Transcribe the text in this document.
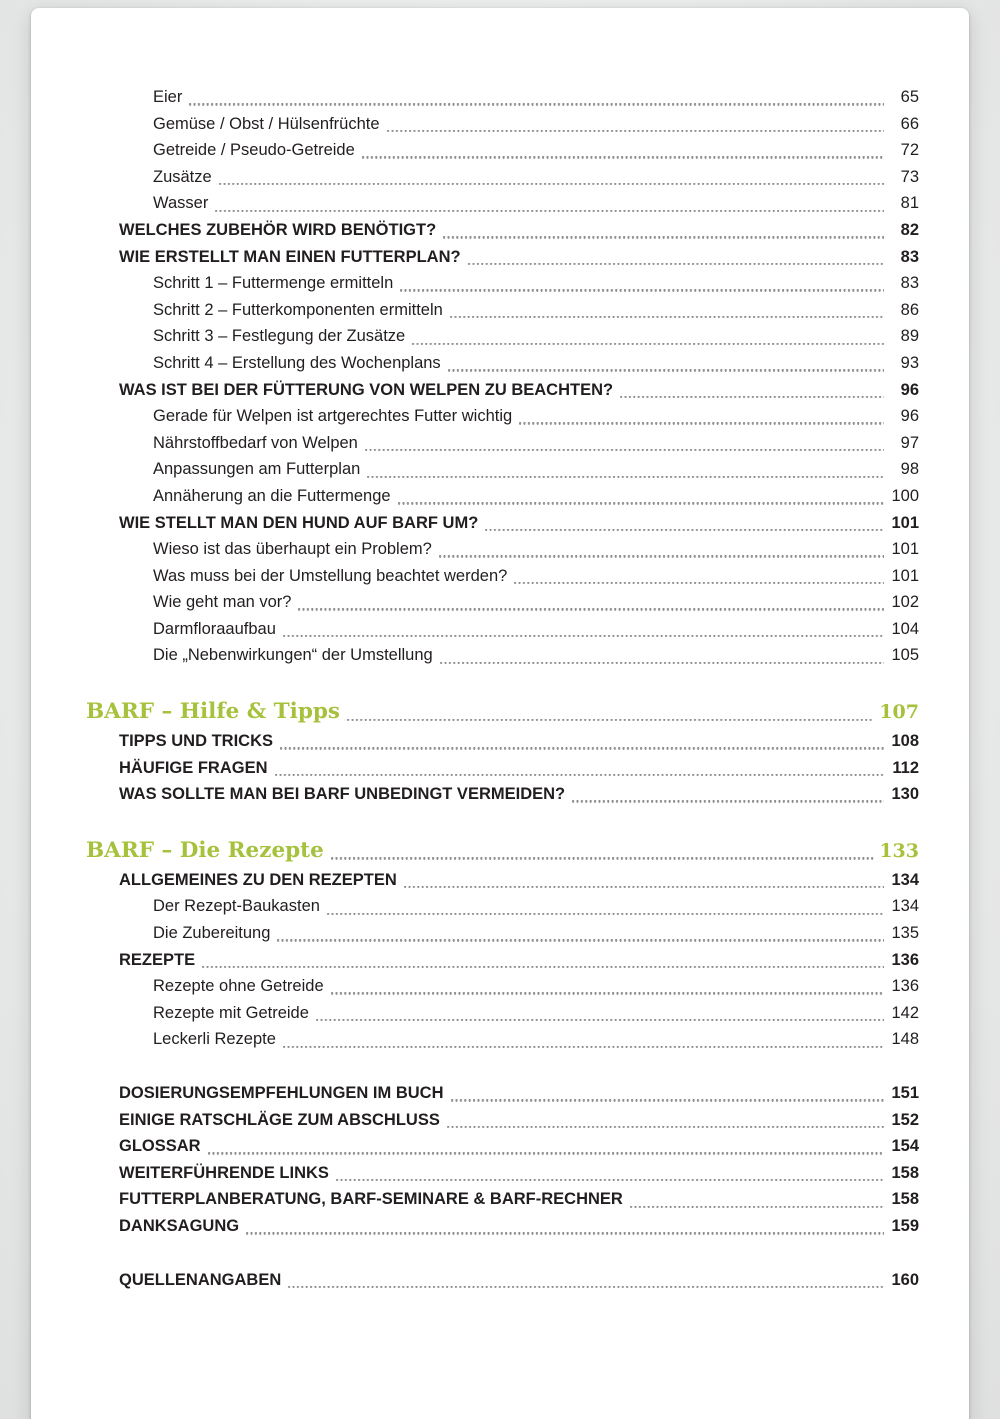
Eier	65
Gemüse / Obst / Hülsenfrüchte	66
Getreide / Pseudo-Getreide	72
Zusätze	73
Wasser	81
WELCHES ZUBEHÖR WIRD BENÖTIGT?	82
WIE ERSTELLT MAN EINEN FUTTERPLAN?	83
Schritt 1 – Futtermenge ermitteln	83
Schritt 2 – Futterkomponenten ermitteln	86
Schritt 3 – Festlegung der Zusätze	89
Schritt 4 – Erstellung des Wochenplans	93
WAS IST BEI DER FÜTTERUNG VON WELPEN ZU BEACHTEN?	96
Gerade für Welpen ist artgerechtes Futter wichtig	96
Nährstoffbedarf von Welpen	97
Anpassungen am Futterplan	98
Annäherung an die Futtermenge	100
WIE STELLT MAN DEN HUND AUF BARF UM?	101
Wieso ist das überhaupt ein Problem?	101
Was muss bei der Umstellung beachtet werden?	101
Wie geht man vor?	102
Darmfloraaufbau	104
Die „Nebenwirkungen“ der Umstellung	105
BARF – Hilfe & Tipps	107
TIPPS UND TRICKS	108
HÄUFIGE FRAGEN	112
WAS SOLLTE MAN BEI BARF UNBEDINGT VERMEIDEN?	130
BARF – Die Rezepte	133
ALLGEMEINES ZU DEN REZEPTEN	134
Der Rezept-Baukasten	134
Die Zubereitung	135
REZEPTE	136
Rezepte ohne Getreide	136
Rezepte mit Getreide	142
Leckerli Rezepte	148
DOSIERUNGSEMPFEHLUNGEN IM BUCH	151
EINIGE RATSCHLÄGE ZUM ABSCHLUSS	152
GLOSSAR	154
WEITERFÜHRENDE LINKS	158
FUTTERPLANBERATUNG, BARF-SEMINARE & BARF-RECHNER	158
DANKSAGUNG	159
QUELLENANGABEN	160
